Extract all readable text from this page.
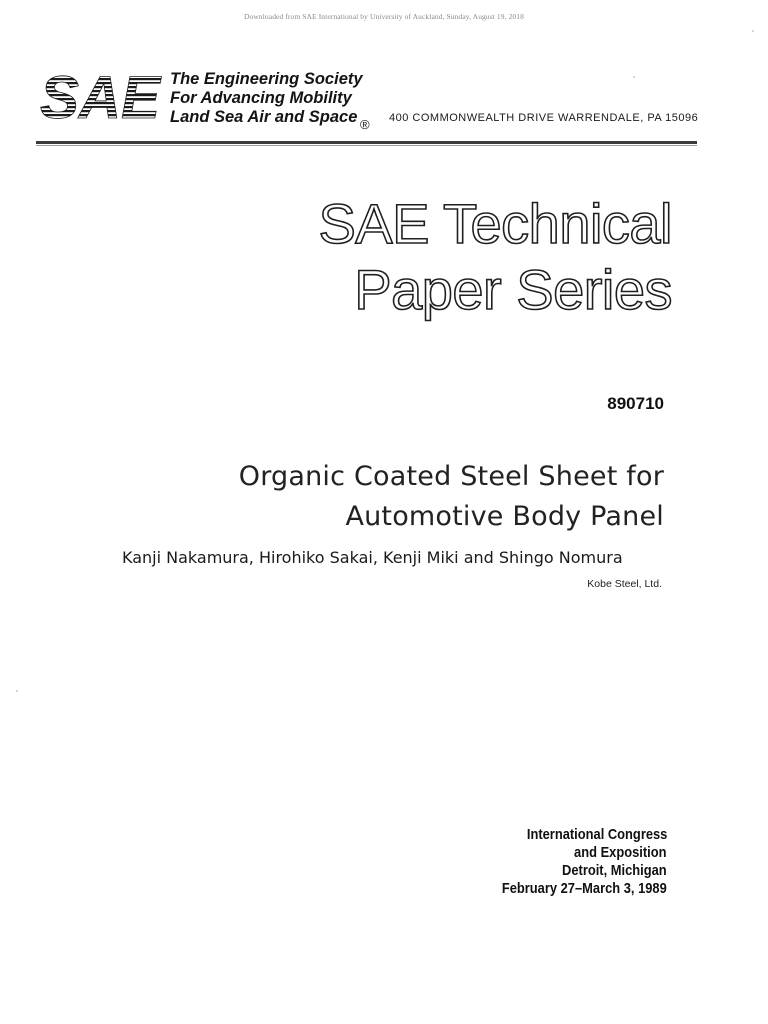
Downloaded from SAE International by University of Auckland, Sunday, August 19, 2018
SAE The Engineering Society
For Advancing Mobility
Land Sea Air and Space ® 400 COMMONWEALTH DRIVE WARRENDALE, PA 15096
SAE Technical
Paper Series
890710
Organic Coated Steel Sheet for
Automotive Body Panel
Kanji Nakamura, Hirohiko Sakai, Kenji Miki and Shingo Nomura
Kobe Steel, Ltd.
International Congress
and Exposition
Detroit, Michigan
February 27–March 3, 1989
